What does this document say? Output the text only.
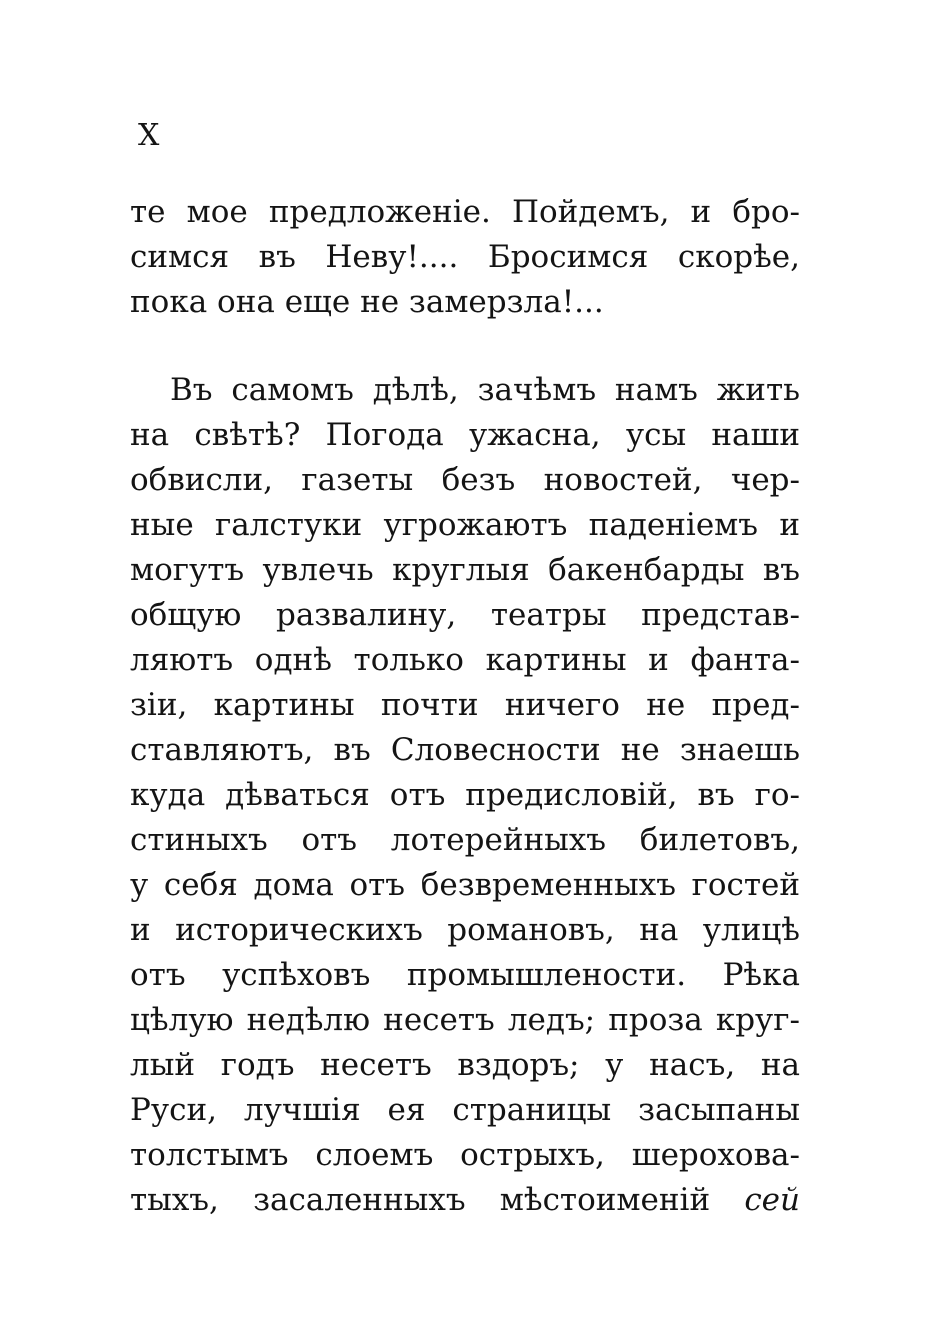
X
те мое предложенiе. Пойдемъ, и бро-
симся въ Неву!.... Бросимся скорѣе,
пока она еще не замерзла!...
Въ самомъ дѣлѣ, зачѣмъ намъ жить
на свѣтѣ? Погода ужасна, усы наши
обвисли, газеты безъ новостей, чер-
ные галстуки угрожаютъ паденiемъ и
могутъ увлечь круглыя бакенбарды въ
общую развалину, театры представ-
ляютъ однѣ только картины и фанта-
зiи, картины почти ничего не пред-
ставляютъ, въ Словесности не знаешь
куда дѣваться отъ предисловiй, въ го-
стиныхъ отъ лотерейныхъ билетовъ,
у себя дома отъ безвременныхъ гостей
и историческихъ романовъ, на улицѣ
отъ успѣховъ промышлености. Рѣка
цѣлую недѣлю несетъ ледъ; проза круг-
лый годъ несетъ вздоръ; у насъ, на
Руси, лучшiя ея страницы засыпаны
толстымъ слоемъ острыхъ, шерохова-
тыхъ, засаленныхъ мѣстоименiй сей
